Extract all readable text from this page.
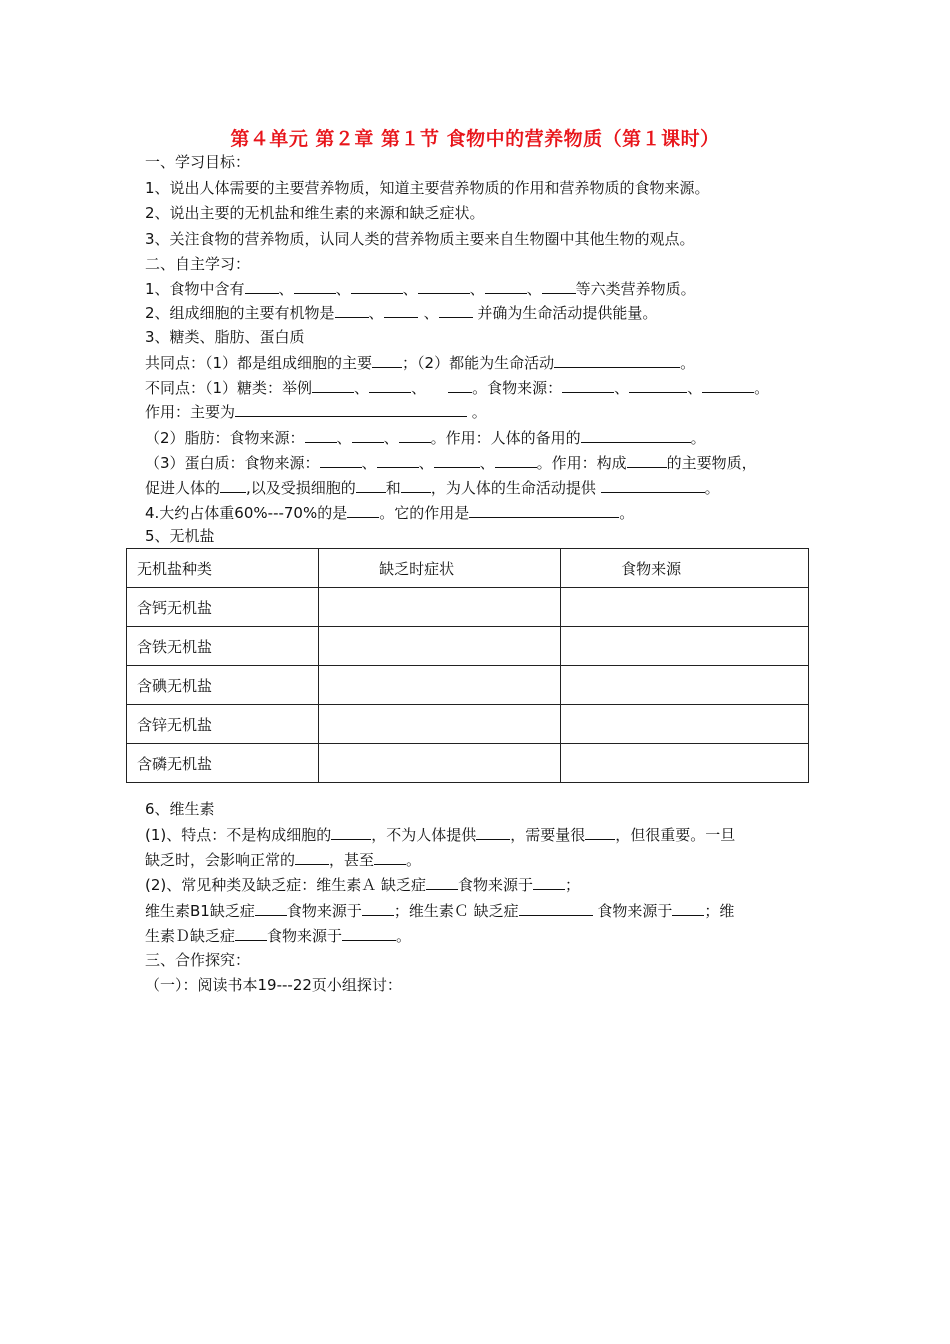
第４单元 第２章 第１节 食物中的营养物质（第１课时）
一、学习目标：
1、说出人体需要的主要营养物质，知道主要营养物质的作用和营养物质的食物来源。
2、说出主要的无机盐和维生素的来源和缺乏症状。
3、关注食物的营养物质，认同人类的营养物质主要来自生物圈中其他生物的观点。
二、自主学习：
1、食物中含有 、	、	、	、	、 等六类营养物质。
2、组成细胞的主要有机物是 、	、 并确为生命活动提供能量。
3、糖类、脂肪、蛋白质
共同点：（1）都是组成细胞的主要 ；（2）都能为生命活动	。
不同点：（1）糖类：举例	、	、	。食物来源：	、	、	。
作用：主要为	。
（2）脂肪：食物来源： 、 、 。作用：人体的备用的	。
（3）蛋白质：食物来源：	、	、	、	。作用：构成	的主要物质，
促进人体的 ,以及受损细胞的 和 ，为人体的生命活动提供	。
4.大约占体重60%---70%的是 。它的作用是	。
5、无机盐
无机盐种类	缺乏时症状	食物来源
含钙无机盐		
含铁无机盐		
含碘无机盐		
含锌无机盐		
含磷无机盐		
6、维生素
(1)、特点：不是构成细胞的	，不为人体提供 ，需要量很 ，但很重要。一旦
缺乏时，会影响正常的 ，甚至 。
(2)、常见种类及缺乏症：维生素Ａ 缺乏症 食物来源于 ；
维生素B1缺乏症 食物来源于 ；维生素Ｃ 缺乏症	食物来源于 ；维
生素Ｄ缺乏症 食物来源于	。
三、合作探究：
（一）：阅读书本19---22页小组探讨：
